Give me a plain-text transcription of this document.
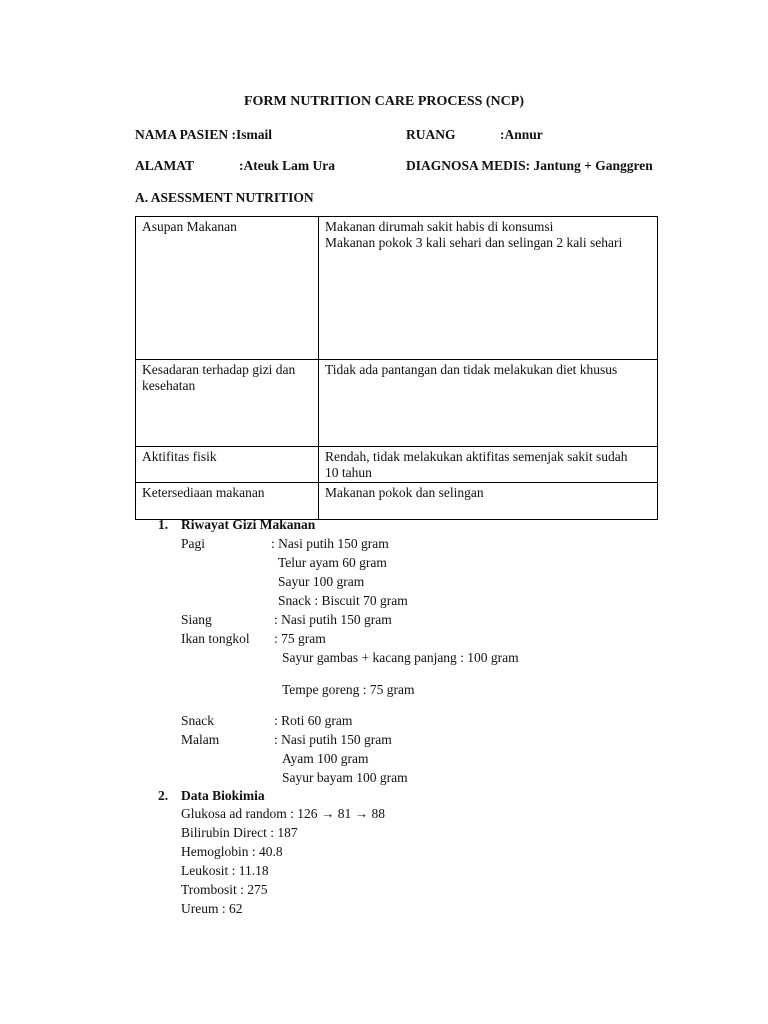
FORM NUTRITION CARE PROCESS (NCP)
NAMA PASIEN :Ismail	RUANG	:Annur
ALAMAT	:Ateuk Lam Ura	DIAGNOSA MEDIS: Jantung + Ganggren
A. ASESSMENT NUTRITION
Asupan Makanan	Makanan dirumah sakit habis di konsumsi
Makanan pokok 3 kali sehari dan selingan 2 kali sehari

Kesadaran terhadap gizi dan
kesehatan	Tidak ada pantangan dan tidak melakukan diet khusus

Aktifitas fisik	Rendah, tidak melakukan aktifitas semenjak sakit sudah
10 tahun

Ketersediaan makanan	Makanan pokok dan selingan
1. Riwayat Gizi Makanan
Pagi	: Nasi putih 150 gram
Telur ayam 60 gram
Sayur 100 gram
Snack : Biscuit 70 gram
Siang	: Nasi putih 150 gram
Ikan tongkol : 75 gram
Sayur gambas + kacang panjang : 100 gram
Tempe goreng : 75 gram
Snack	: Roti 60 gram
Malam	: Nasi putih 150 gram
Ayam 100 gram
Sayur bayam 100 gram
2. Data Biokimia
Glukosa ad random : 126 → 81 → 88
Bilirubin Direct : 187
Hemoglobin : 40.8
Leukosit : 11.18
Trombosit : 275
Ureum : 62
